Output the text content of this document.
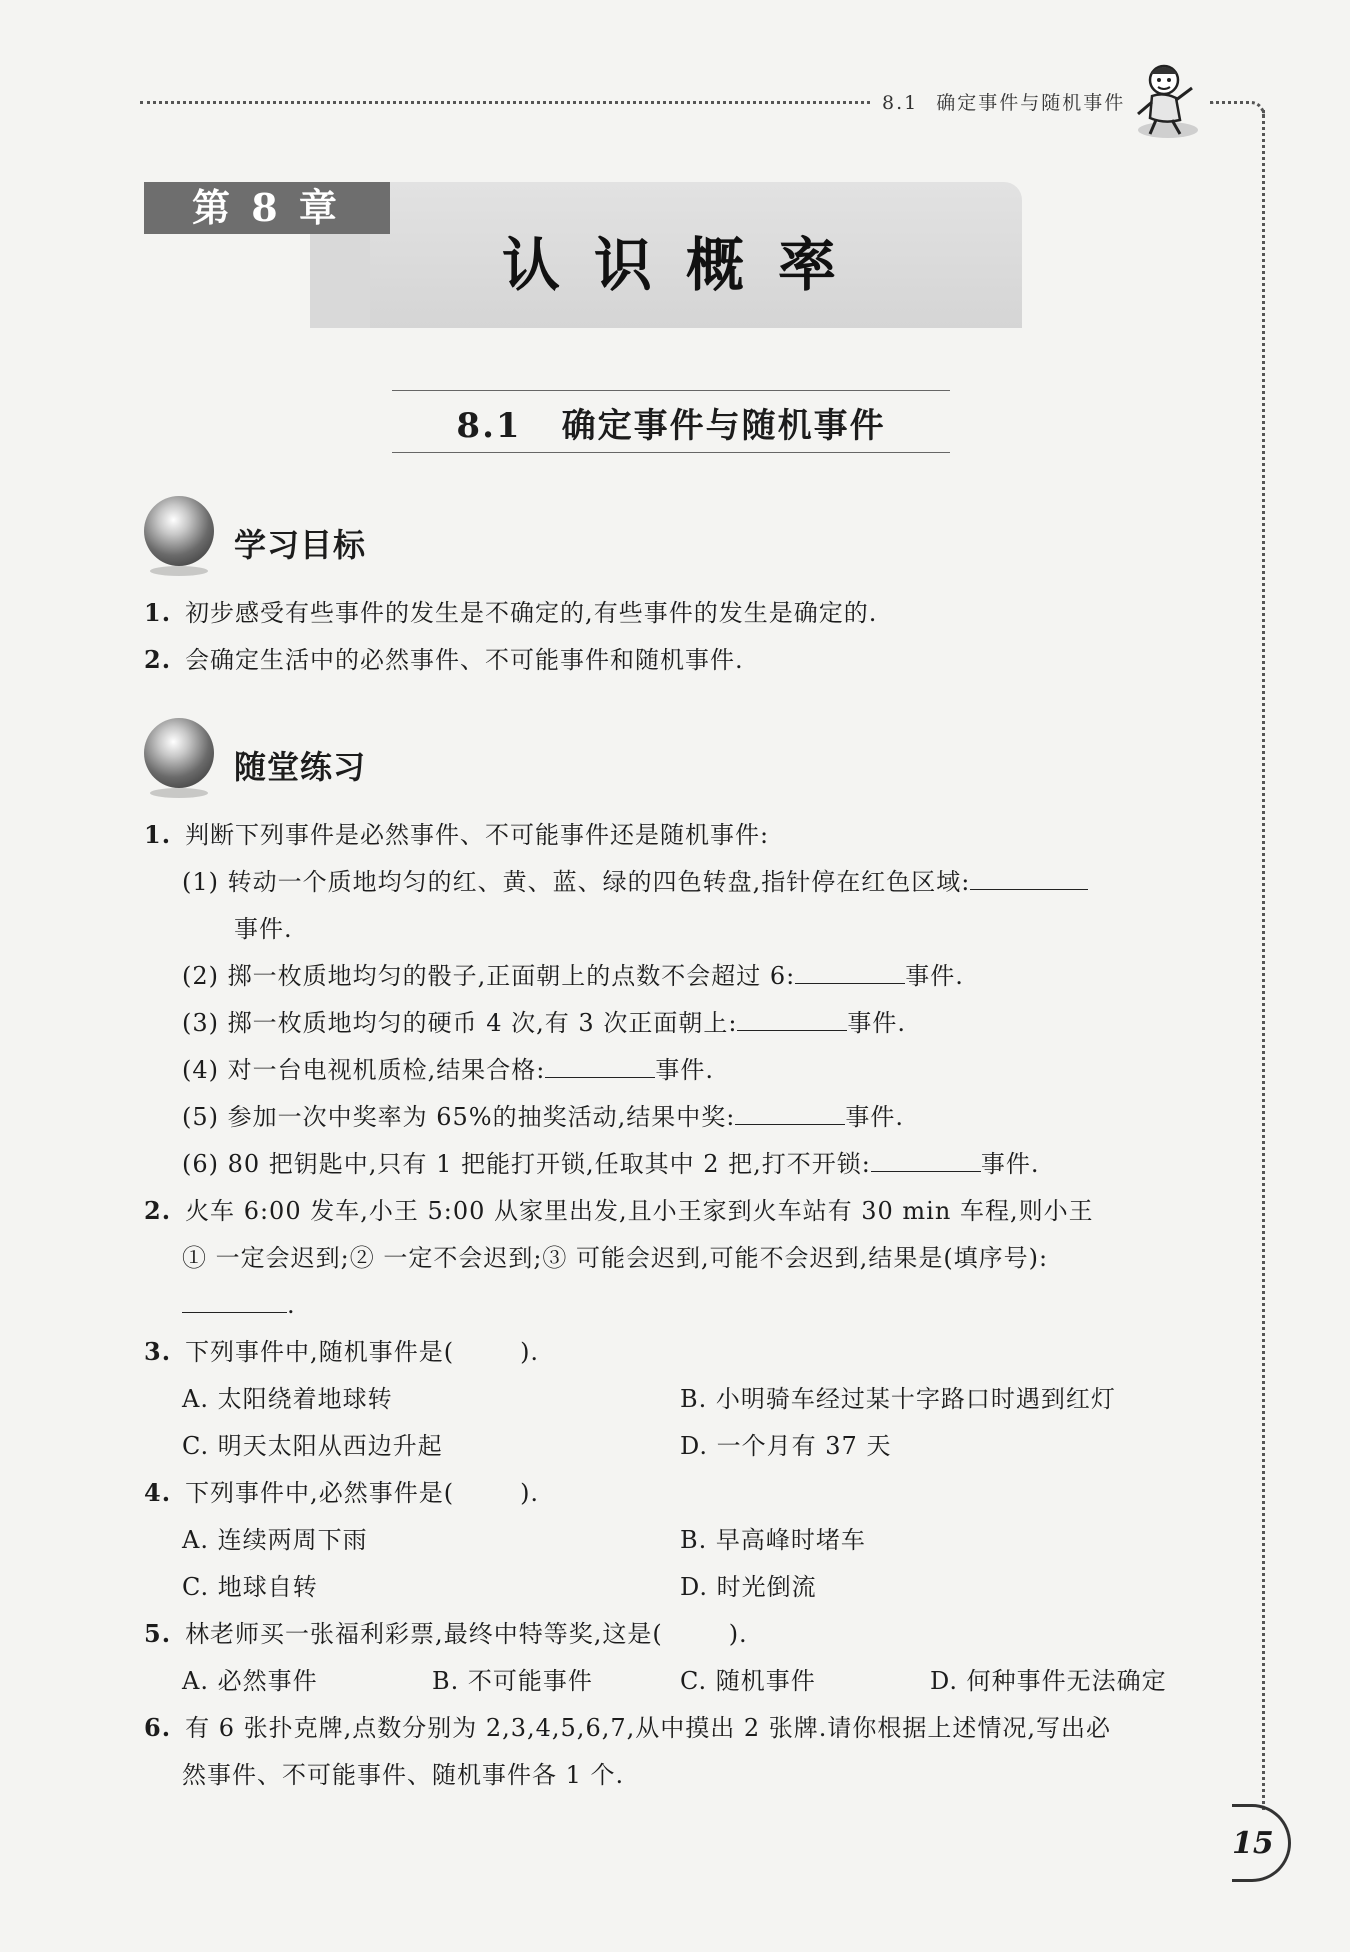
8.1 确定事件与随机事件
认识概率
第 8 章
8.1 确定事件与随机事件
学习目标
1. 初步感受有些事件的发生是不确定的,有些事件的发生是确定的.
2. 会确定生活中的必然事件、不可能事件和随机事件.
随堂练习
1. 判断下列事件是必然事件、不可能事件还是随机事件:
(1) 转动一个质地均匀的红、黄、蓝、绿的四色转盘,指针停在红色区域:
事件.
(2) 掷一枚质地均匀的骰子,正面朝上的点数不会超过 6:	事件.
(3) 掷一枚质地均匀的硬币 4 次,有 3 次正面朝上:	事件.
(4) 对一台电视机质检,结果合格:	事件.
(5) 参加一次中奖率为 65%的抽奖活动,结果中奖:	事件.
(6) 80 把钥匙中,只有 1 把能打开锁,任取其中 2 把,打不开锁:	事件.
2. 火车 6:00 发车,小王 5:00 从家里出发,且小王家到火车站有 30 min 车程,则小王
① 一定会迟到;② 一定不会迟到;③ 可能会迟到,可能不会迟到,结果是(填序号):
.
3. 下列事件中,随机事件是(	).
A. 太阳绕着地球转	B. 小明骑车经过某十字路口时遇到红灯
C. 明天太阳从西边升起	D. 一个月有 37 天
4. 下列事件中,必然事件是(	).
A. 连续两周下雨	B. 早高峰时堵车
C. 地球自转	D. 时光倒流
5. 林老师买一张福利彩票,最终中特等奖,这是(	).
A. 必然事件	B. 不可能事件	C. 随机事件	D. 何种事件无法确定
6. 有 6 张扑克牌,点数分别为 2,3,4,5,6,7,从中摸出 2 张牌.请你根据上述情况,写出必
然事件、不可能事件、随机事件各 1 个.
15
